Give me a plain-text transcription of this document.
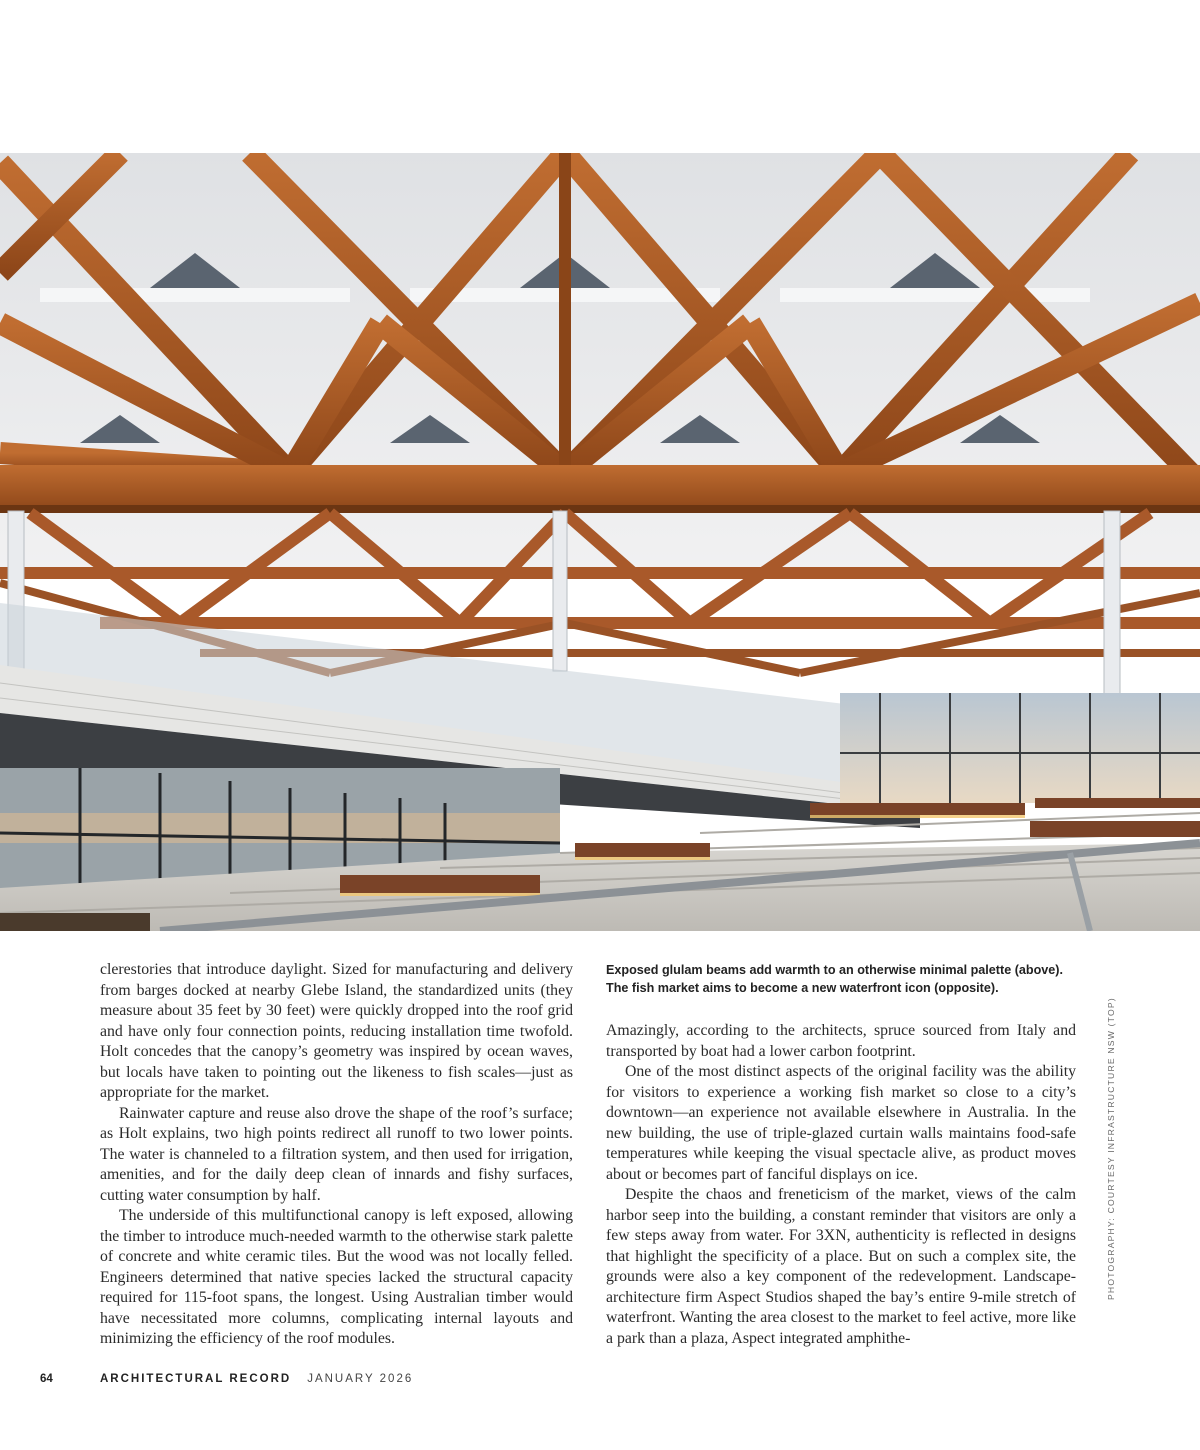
clerestories that introduce daylight. Sized for manufacturing and delivery from barges docked at nearby Glebe Island, the standardized units (they measure about 35 feet by 30 feet) were quickly dropped into the roof grid and have only four connection points, reducing installation time twofold. Holt concedes that the canopy’s geometry was inspired by ocean waves, but locals have taken to pointing out the likeness to fish scales—just as appropriate for the market.

Rainwater capture and reuse also drove the shape of the roof’s surface; as Holt explains, two high points redirect all runoff to two lower points. The water is channeled to a filtration system, and then used for irrigation, amenities, and for the daily deep clean of innards and fishy surfaces, cutting water consumption by half.

The underside of this multifunctional canopy is left exposed, allowing the timber to introduce much-needed warmth to the otherwise stark palette of concrete and white ceramic tiles. But the wood was not locally felled. Engineers determined that native species lacked the structural capacity required for 115-foot spans, the longest. Using Australian timber would have necessitated more columns, complicating internal layouts and minimizing the efficiency of the roof modules.

Exposed glulam beams add warmth to an otherwise minimal palette (above). The fish market aims to become a new waterfront icon (opposite).

Amazingly, according to the architects, spruce sourced from Italy and transported by boat had a lower carbon footprint.

One of the most distinct aspects of the original facility was the ability for visitors to experience a working fish market so close to a city’s downtown—an experience not available elsewhere in Australia. In the new building, the use of triple-glazed curtain walls maintains food-safe temperatures while keeping the visual spectacle alive, as product moves about or becomes part of fanciful displays on ice.

Despite the chaos and freneticism of the market, views of the calm harbor seep into the building, a constant reminder that visitors are only a few steps away from water. For 3XN, authenticity is reflected in designs that highlight the specificity of a place. But on such a complex site, the grounds were also a key component of the redevelopment. Landscape-architecture firm Aspect Studios shaped the bay’s entire 9-mile stretch of waterfront. Wanting the area closest to the market to feel active, more like a park than a plaza, Aspect integrated amphithe-

PHOTOGRAPHY: COURTESY INFRASTRUCTURE NSW (TOP)
64	ARCHITECTURAL RECORD JANUARY 2026
